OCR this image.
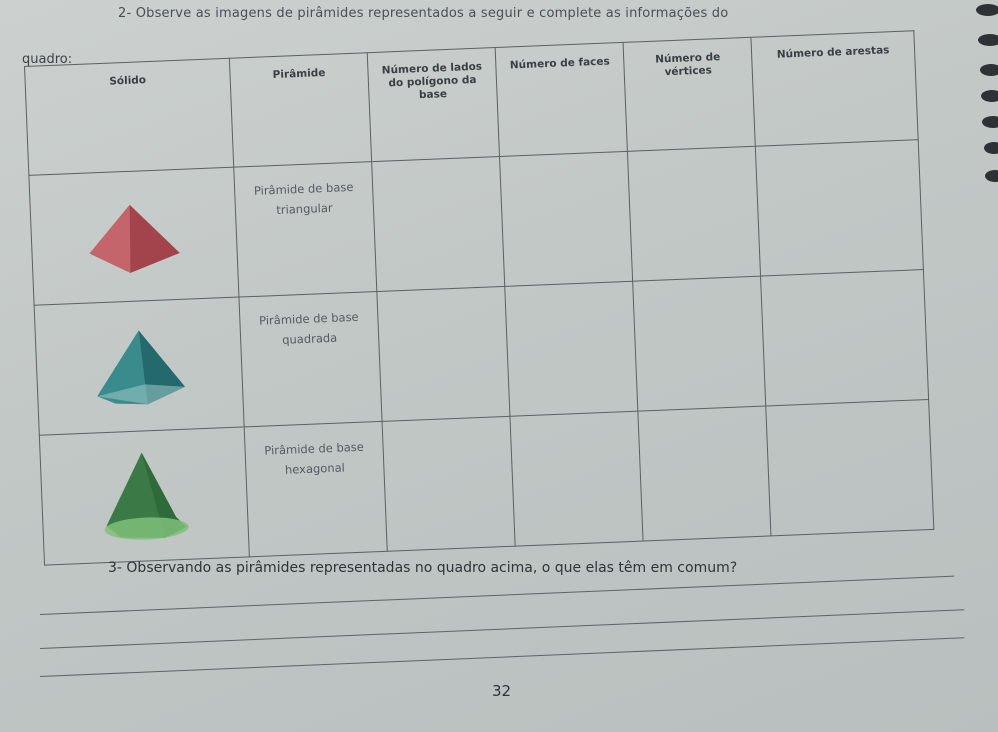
2- Observe as imagens de pirâmides representados a seguir e complete as informações do
quadro:
Sólido	Pirâmide	Número de lados do polígono da base	Número de faces	Número de vértices	Número de arestas

	Pirâmide de base triangular				

	Pirâmide de base quadrada				

	Pirâmide de base hexagonal				
3- Observando as pirâmides representadas no quadro acima, o que elas têm em comum?
32
